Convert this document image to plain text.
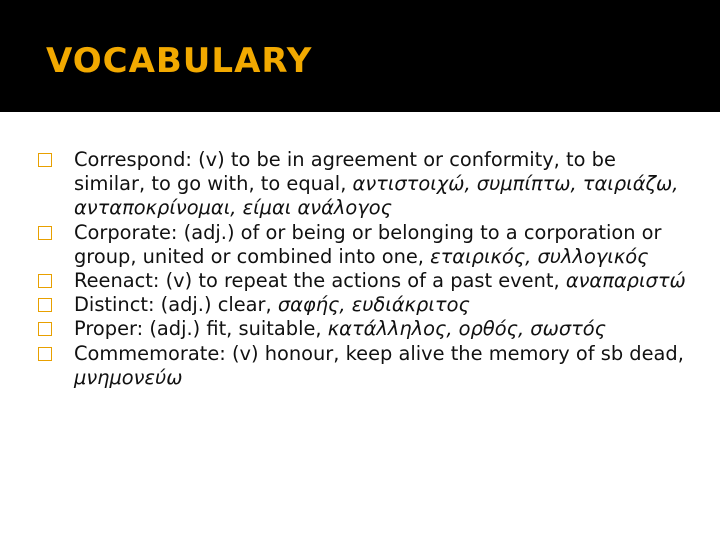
VOCABULARY
Correspond: (v) to be in agreement or conformity, to be similar, to go with, to equal, αντιστοιχώ, συμπίπτω, ταιριάζω, ανταποκρίνομαι, είμαι ανάλογος
Corporate: (adj.) of or being or belonging to a corporation or group, united or combined into one, εταιρικός, συλλογικός
Reenact: (v) to repeat the actions of a past event, αναπαριστώ
Distinct: (adj.) clear, σαφής, ευδιάκριτος
Proper: (adj.) fit, suitable, κατάλληλος, ορθός, σωστός
Commemorate: (v) honour, keep alive the memory of sb dead, μνημονεύω
